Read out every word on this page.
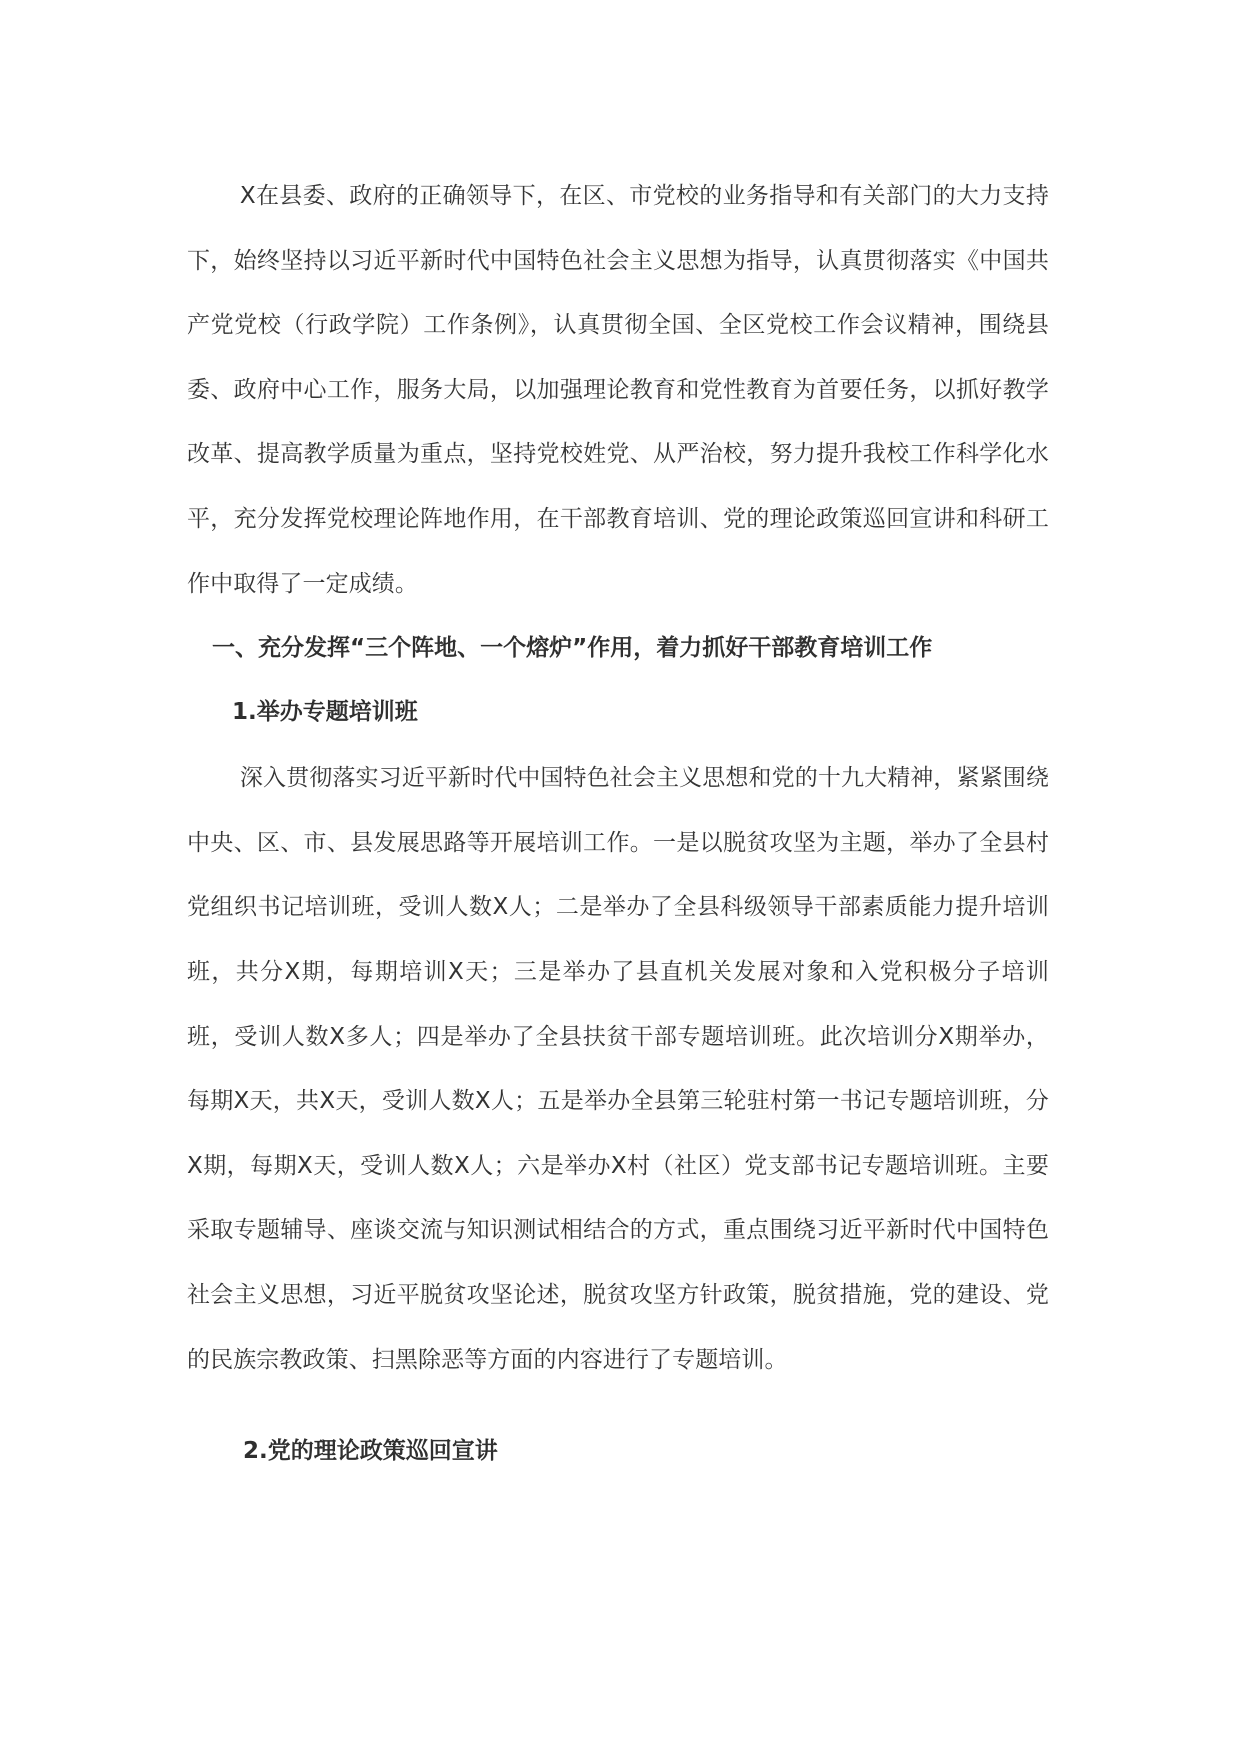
X在县委、政府的正确领导下，在区、市党校的业务指导和有关部门的大力支持下，始终坚持以习近平新时代中国特色社会主义思想为指导，认真贯彻落实《中国共产党党校（行政学院）工作条例》，认真贯彻全国、全区党校工作会议精神，围绕县委、政府中心工作，服务大局，以加强理论教育和党性教育为首要任务，以抓好教学改革、提高教学质量为重点，坚持党校姓党、从严治校，努力提升我校工作科学化水平，充分发挥党校理论阵地作用，在干部教育培训、党的理论政策巡回宣讲和科研工作中取得了一定成绩。

一、充分发挥“三个阵地、一个熔炉”作用，着力抓好干部教育培训工作
1.举办专题培训班

深入贯彻落实习近平新时代中国特色社会主义思想和党的十九大精神，紧紧围绕中央、区、市、县发展思路等开展培训工作。一是以脱贫攻坚为主题，举办了全县村党组织书记培训班，受训人数X人；二是举办了全县科级领导干部素质能力提升培训班，共分X期，每期培训X天；三是举办了县直机关发展对象和入党积极分子培训班，受训人数X多人；四是举办了全县扶贫干部专题培训班。此次培训分X期举办，每期X天，共X天，受训人数X人；五是举办全县第三轮驻村第一书记专题培训班，分X期，每期X天，受训人数X人；六是举办X村（社区）党支部书记专题培训班。主要采取专题辅导、座谈交流与知识测试相结合的方式，重点围绕习近平新时代中国特色社会主义思想，习近平脱贫攻坚论述，脱贫攻坚方针政策，脱贫措施，党的建设、党的民族宗教政策、扫黑除恶等方面的内容进行了专题培训。

2.党的理论政策巡回宣讲
